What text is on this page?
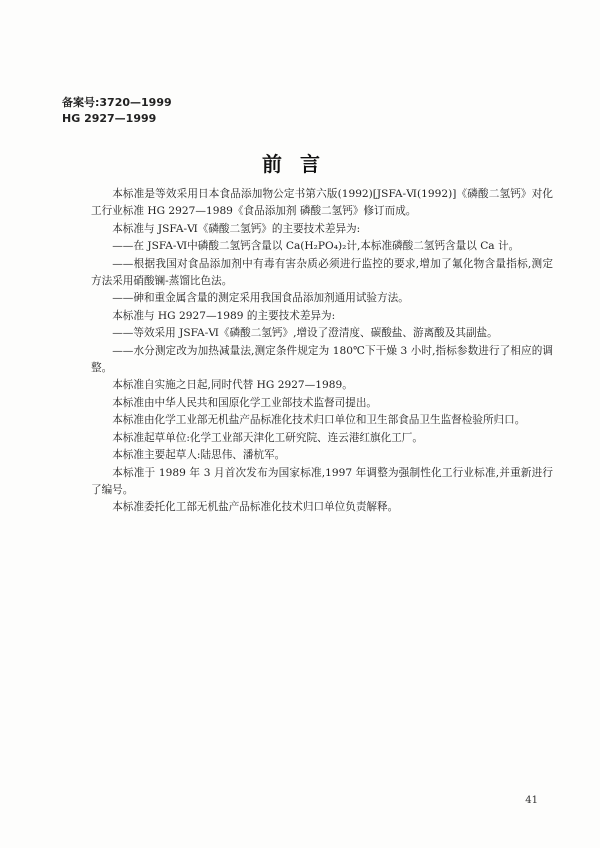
备案号:3720—1999
HG 2927—1999
前言

本标准是等效采用日本食品添加物公定书第六版(1992)[JSFA-Ⅵ(1992)]《磷酸二氢钙》对化工行业标准 HG 2927—1989《食品添加剂 磷酸二氢钙》修订而成。

本标准与 JSFA-Ⅵ《磷酸二氢钙》的主要技术差异为:

——在 JSFA-Ⅵ中磷酸二氢钙含量以 Ca(H₂PO₄)₂计,本标准磷酸二氢钙含量以 Ca 计。

——根据我国对食品添加剂中有毒有害杂质必须进行监控的要求,增加了氟化物含量指标,测定方法采用硝酸镧-蒸馏比色法。

——砷和重金属含量的测定采用我国食品添加剂通用试验方法。

本标准与 HG 2927—1989 的主要技术差异为:

——等效采用 JSFA-Ⅵ《磷酸二氢钙》,增设了澄清度、碳酸盐、游离酸及其副盐。

——水分测定改为加热减量法,测定条件规定为 180℃下干燥 3 小时,指标参数进行了相应的调整。

本标准自实施之日起,同时代替 HG 2927—1989。

本标准由中华人民共和国原化学工业部技术监督司提出。

本标准由化学工业部无机盐产品标准化技术归口单位和卫生部食品卫生监督检验所归口。

本标准起草单位:化学工业部天津化工研究院、连云港红旗化工厂。

本标准主要起草人:陆思伟、潘杭军。

本标准于 1989 年 3 月首次发布为国家标准,1997 年调整为强制性化工行业标准,并重新进行了编号。

本标准委托化工部无机盐产品标准化技术归口单位负责解释。

41
